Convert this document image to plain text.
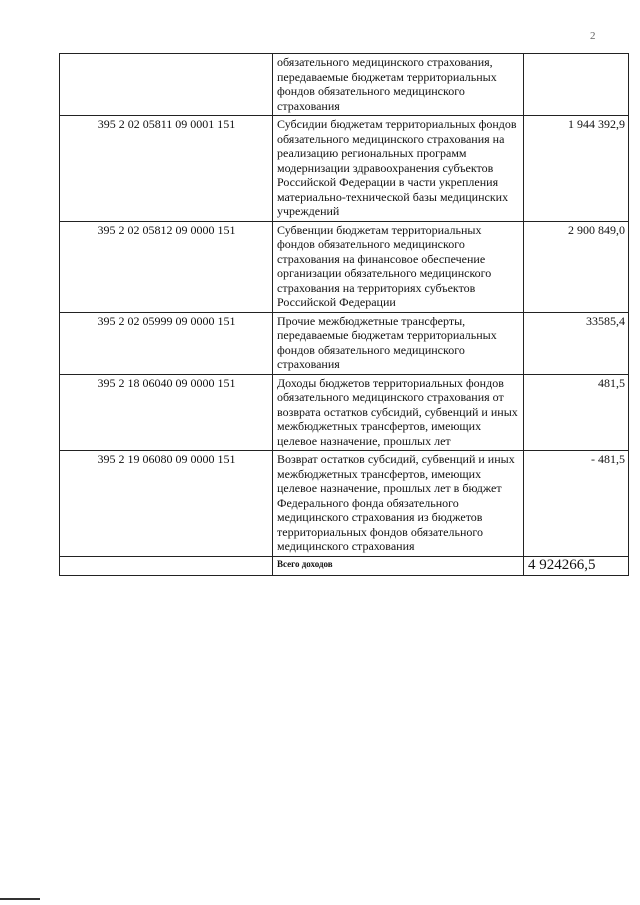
2
	обязательного медицинского страхования, передаваемые бюджетам территориальных фондов обязательного медицинского страхования	
395 2 02 05811 09 0001 151	Субсидии бюджетам территориальных фондов обязательного медицинского страхования на реализацию региональных программ модернизации здравоохранения субъектов Российской Федерации в части укрепления материально-технической базы медицинских учреждений	1 944 392,9
395 2 02 05812 09 0000 151	Субвенции бюджетам территориальных фондов обязательного медицинского страхования на финансовое обеспечение организации обязательного медицинского страхования на территориях субъектов Российской Федерации	2 900 849,0
395 2 02 05999 09 0000 151	Прочие межбюджетные трансферты, передаваемые бюджетам территориальных фондов обязательного медицинского страхования	33585,4
395 2 18 06040 09 0000 151	Доходы бюджетов территориальных фондов обязательного медицинского страхования от возврата остатков субсидий, субвенций и иных межбюджетных трансфертов, имеющих целевое назначение, прошлых лет	481,5
395 2 19 06080 09 0000 151	Возврат остатков субсидий, субвенций и иных межбюджетных трансфертов, имеющих целевое назначение, прошлых лет в бюджет Федерального фонда обязательного медицинского страхования из бюджетов территориальных фондов обязательного медицинского страхования	- 481,5
	Всего доходов	4 924266,5
